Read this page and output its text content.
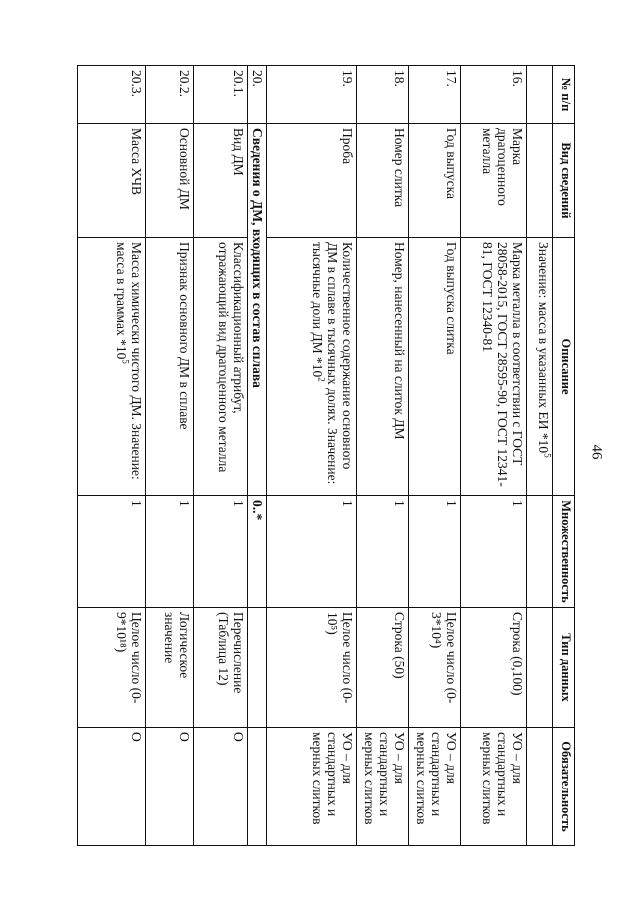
46
№ п/п	Вид сведений	Описание	Множественность	Тип данных	Обязательность
		Значение: масса в указанных ЕИ $*10^5$			
16.	Марка драгоценного металла	Марка металла в соответствии с ГОСТ 28058-2015, ГОСТ 28595-90, ГОСТ 12341-81, ГОСТ 12340-81	1	Строка (0,100)	УО – для стандартных и мерных слитков
17.	Год выпуска	Год выпуска слитка	1	Целое число (0-3*10⁴)	УО – для стандартных и мерных слитков
18.	Номер слитка	Номер, нанесенный на слиток ДМ	1	Строка (50)	УО – для стандартных и мерных слитков
19.	Проба	Количественное содержание основного ДМ в сплаве в тысячных долях. Значение: тысячные доли ДМ $*10^2$	1	Целое число (0-10⁵)	УО – для стандартных и мерных слитков
20.	Сведения о ДМ, входящих в состав сплава		0..*		
20.1.	Вид ДМ	Классификационный атрибут, отражающий вид драгоценного металла	1	Перечисление (Таблица 12)	О
20.2.	Основной ДМ	Признак основного ДМ в сплаве	1	Логическое значение	О
20.3.	Масса ХЧВ	Масса химически чистого ДМ. Значение: масса в граммах $*10^5$	1	Целое число (0-9*10¹⁸)	О
